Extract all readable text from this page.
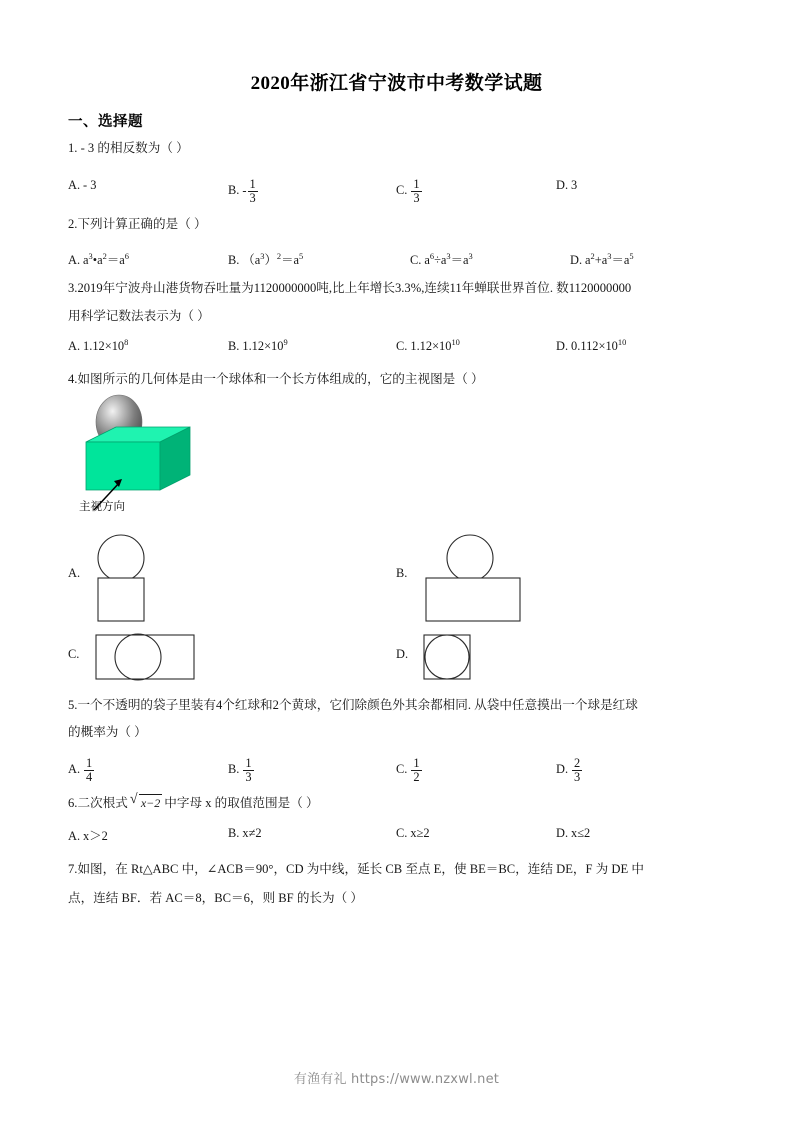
2020年浙江省宁波市中考数学试题
一、选择题
1. - 3 的相反数为（ ）
A. - 3	B. - $\frac{1}{3}$	C. $\frac{1}{3}$	D. 3
2.下列计算正确的是（ ）
A. $a^3•a^2=a^6$	B. $(a^3)^2=a^5$	C. $a^6\div a^3=a^3$	D. $a^2+a^3=a^5$
3.2019年宁波舟山港货物吞吐量为1120000000吨,比上年增长3.3%,连续11年蝉联世界首位. 数1120000000
用科学记数法表示为（ ）
A. $1.12\times 10^8$	B. $1.12\times 10^9$	C. $1.12\times 10^{10}$	D. $0.112\times 10^{10}$
4.如图所示的几何体是由一个球体和一个长方体组成的，它的主视图是（ ）
主视方向
A.	B.
C.	D.
5.一个不透明的袋子里装有4个红球和2个黄球，它们除颜色外其余都相同. 从袋中任意摸出一个球是红球
的概率为（ ）
A. $\frac{1}{4}$	B. $\frac{1}{3}$	C. $\frac{1}{2}$	D. $\frac{2}{3}$
6.二次根式 √ x−2 中字母 x 的取值范围是（ ）
A. x＞2	B. x≠2	C. x≥2	D. x≤2
7.如图，在 Rt△ABC 中，∠ACB＝90°，CD 为中线，延长 CB 至点 E，使 BE＝BC，连结 DE，F 为 DE 中
点，连结 BF．若 AC＝8，BC＝6，则 BF 的长为（ ）
有渔有礼 https://www.nzxwl.net
